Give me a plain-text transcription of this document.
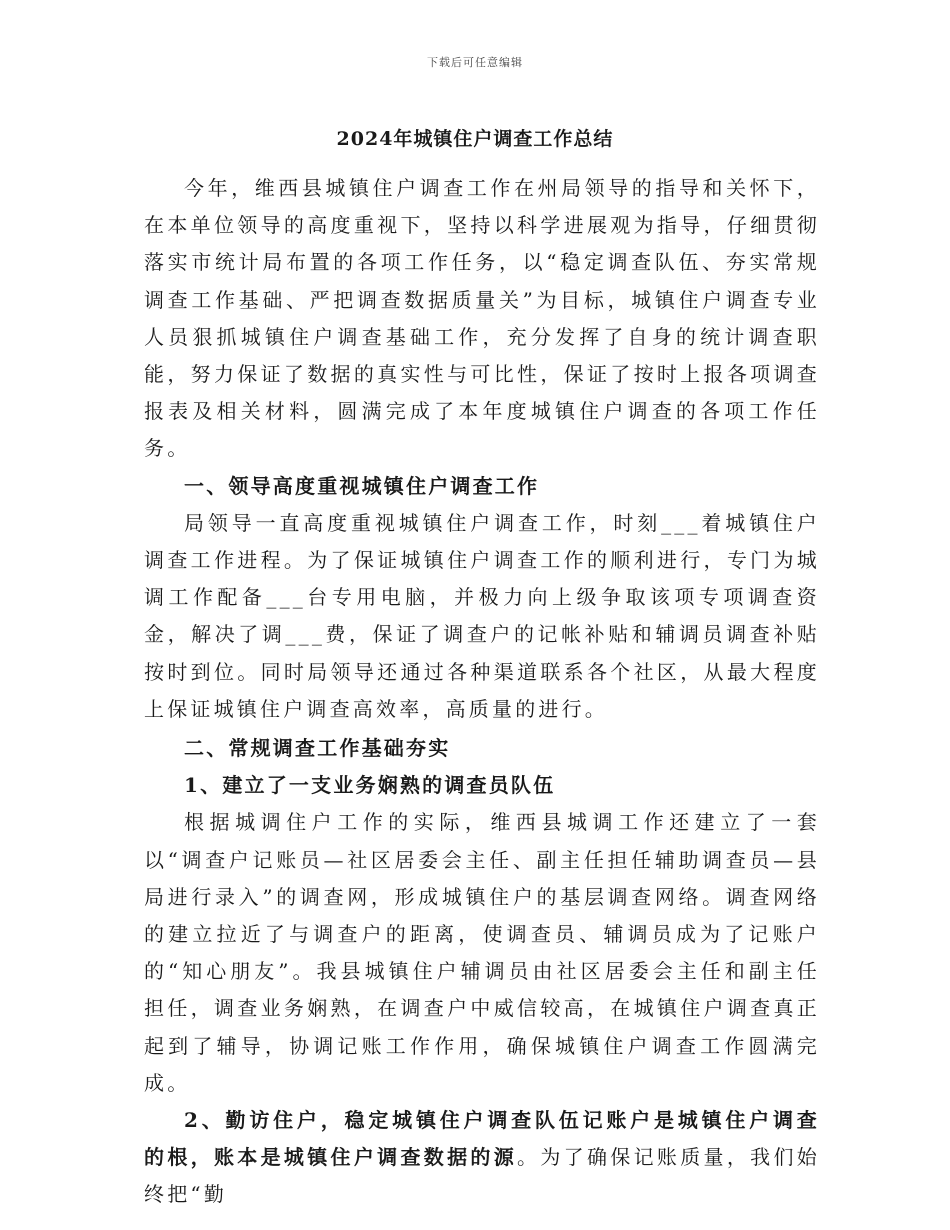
下载后可任意编辑
2024年城镇住户调查工作总结

今年，维西县城镇住户调查工作在州局领导的指导和关怀下，在本单位领导的高度重视下，坚持以科学进展观为指导，仔细贯彻落实市统计局布置的各项工作任务，以“稳定调查队伍、夯实常规调查工作基础、严把调查数据质量关”为目标，城镇住户调查专业人员狠抓城镇住户调查基础工作，充分发挥了自身的统计调查职能，努力保证了数据的真实性与可比性，保证了按时上报各项调查报表及相关材料，圆满完成了本年度城镇住户调查的各项工作任务。

一、领导高度重视城镇住户调查工作

局领导一直高度重视城镇住户调查工作，时刻___着城镇住户调查工作进程。为了保证城镇住户调查工作的顺利进行，专门为城调工作配备___台专用电脑，并极力向上级争取该项专项调查资金，解决了调___费，保证了调查户的记帐补贴和辅调员调查补贴按时到位。同时局领导还通过各种渠道联系各个社区，从最大程度上保证城镇住户调查高效率，高质量的进行。

二、常规调查工作基础夯实

1、建立了一支业务娴熟的调查员队伍

根据城调住户工作的实际，维西县城调工作还建立了一套以“调查户记账员—社区居委会主任、副主任担任辅助调查员—县局进行录入”的调查网，形成城镇住户的基层调查网络。调查网络的建立拉近了与调查户的距离，使调查员、辅调员成为了记账户的“知心朋友”。我县城镇住户辅调员由社区居委会主任和副主任担任，调查业务娴熟，在调查户中威信较高，在城镇住户调查真正起到了辅导，协调记账工作作用，确保城镇住户调查工作圆满完成。

2、勤访住户，稳定城镇住户调查队伍记账户是城镇住户调查的根，账本是城镇住户调查数据的源。为了确保记账质量，我们始终把“勤
